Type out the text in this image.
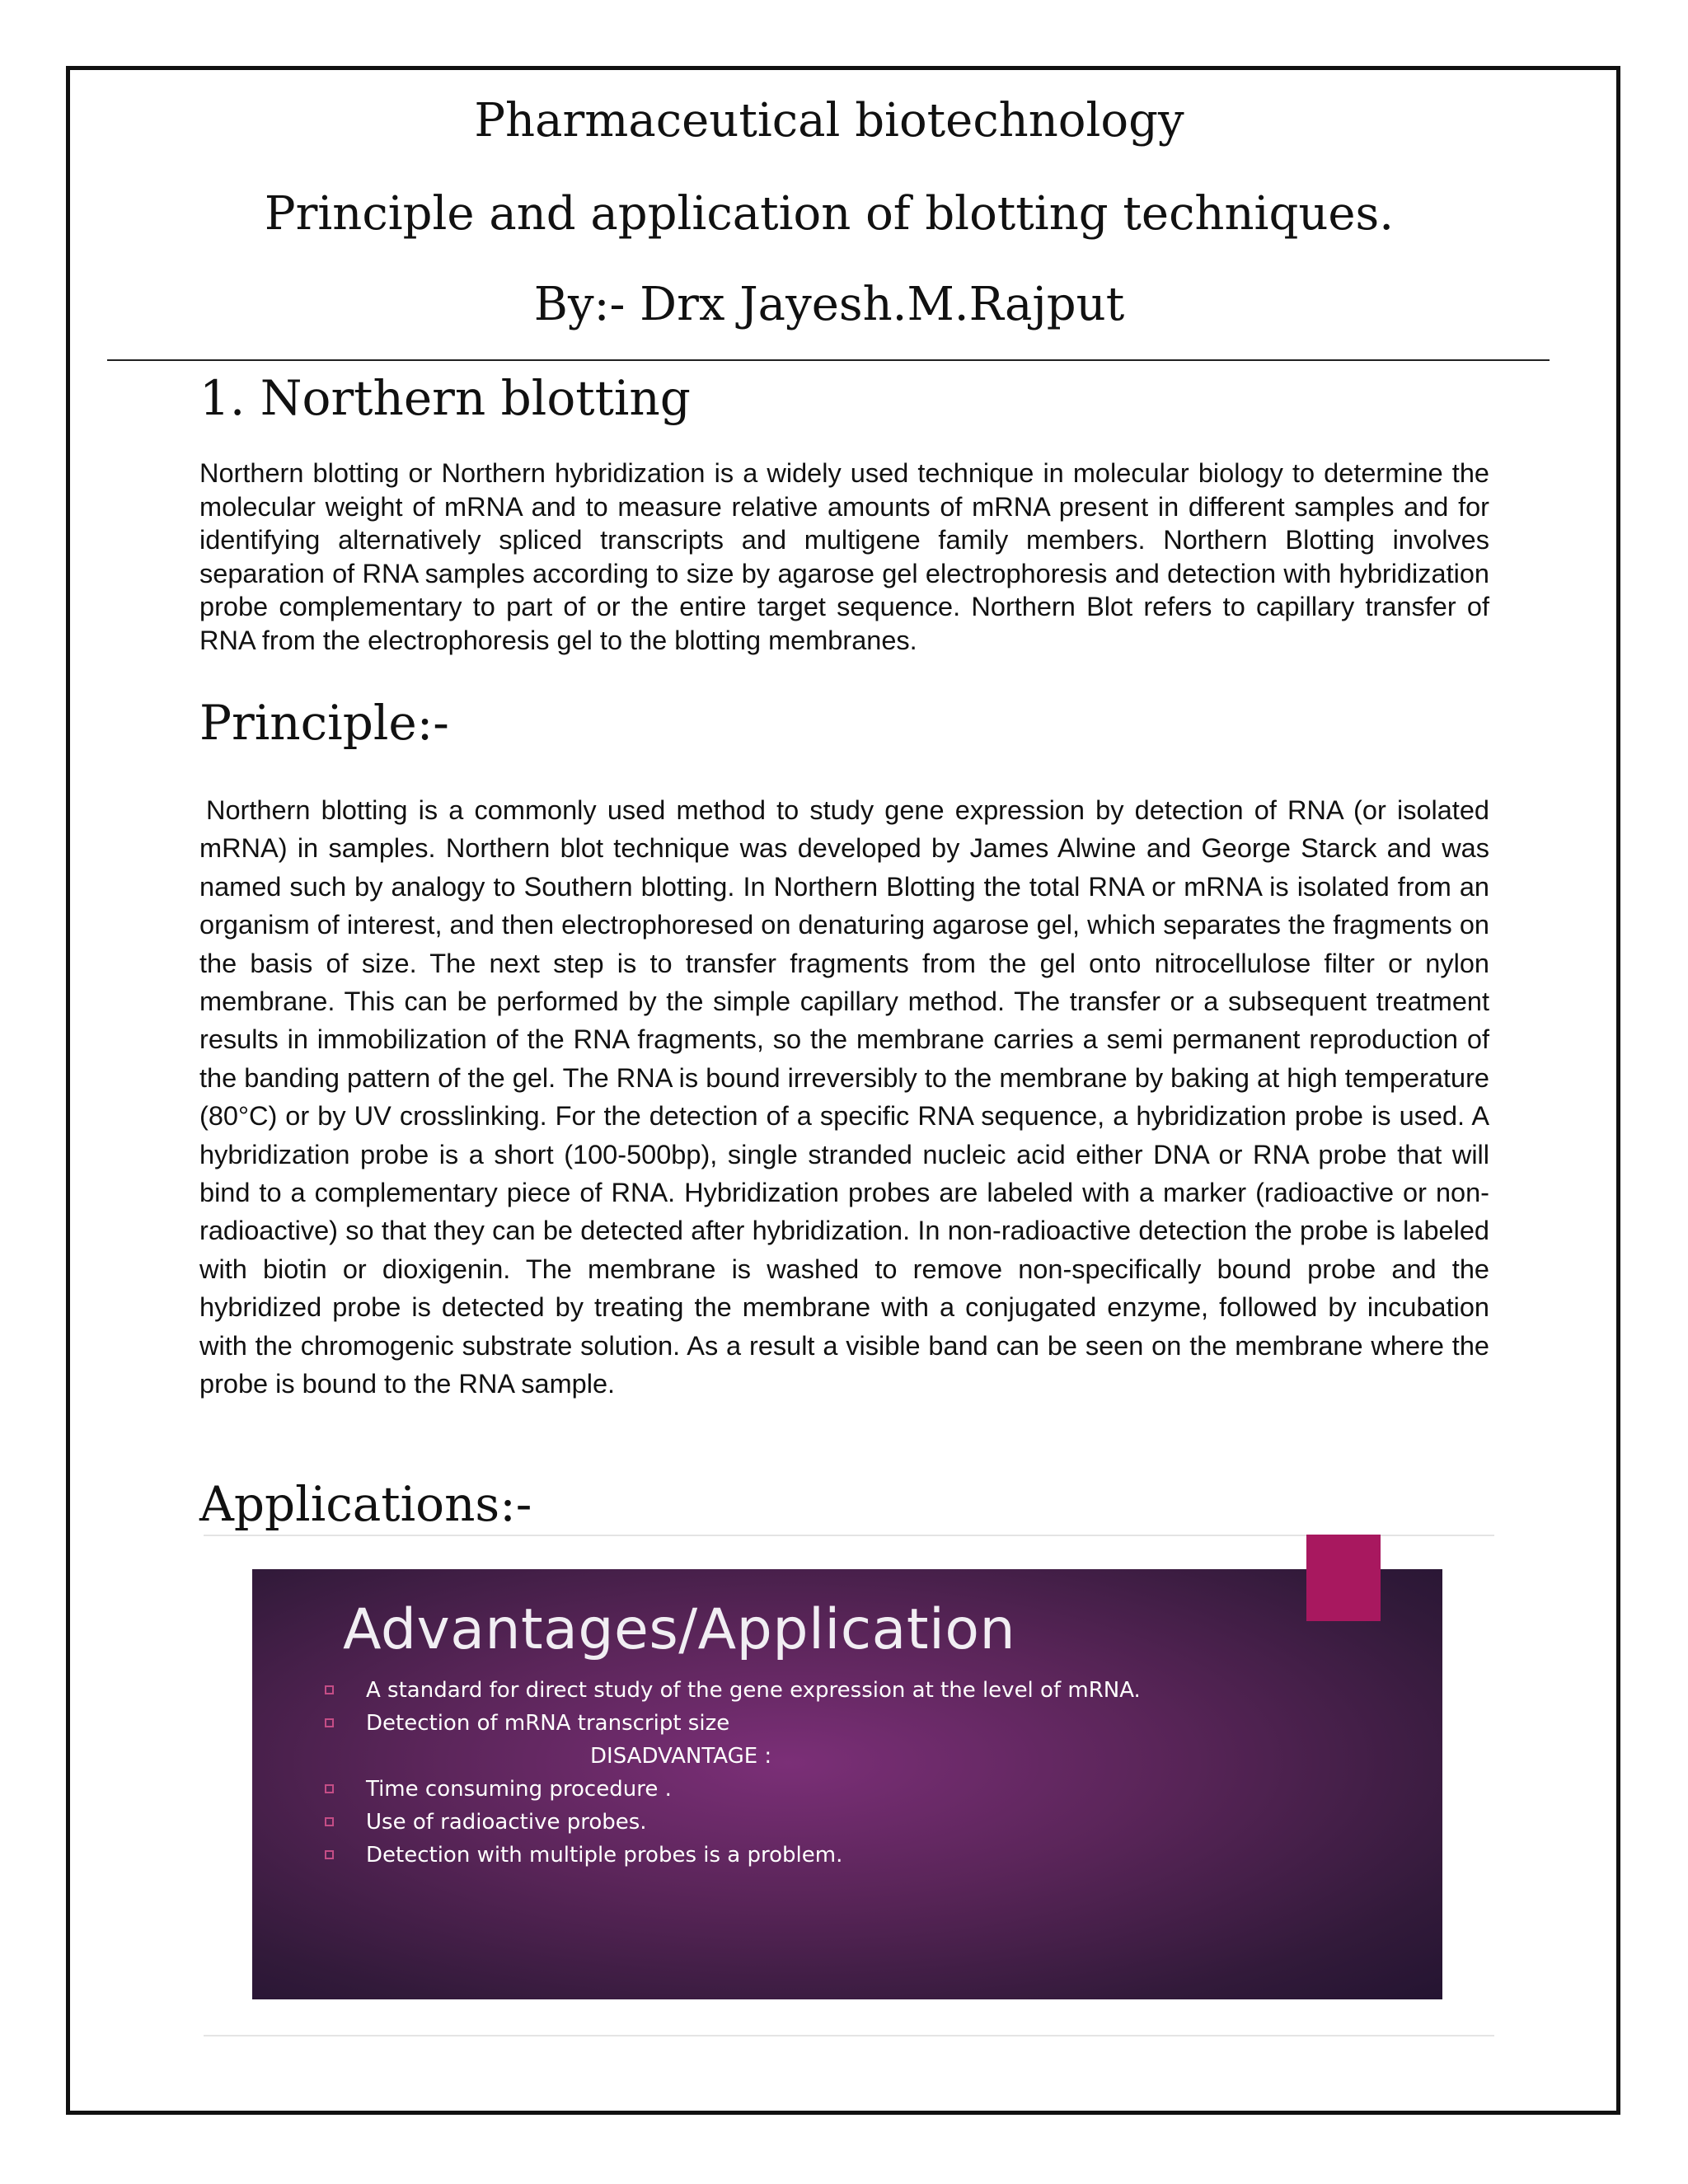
Pharmaceutical biotechnology
Principle and application of blotting techniques.
By:- Drx Jayesh.M.Rajput
1. Northern blotting

Northern blotting or Northern hybridization is a widely used technique in molecular biology to determine the molecular weight of mRNA and to measure relative amounts of mRNA present in different samples and for identifying alternatively spliced transcripts and multigene family members. Northern Blotting involves separation of RNA samples according to size by agarose gel electrophoresis and detection with hybridization probe complementary to part of or the entire target sequence. Northern Blot refers to capillary transfer of RNA from the electrophoresis gel to the blotting membranes.

Principle:-

Northern blotting is a commonly used method to study gene expression by detection of RNA (or isolated mRNA) in samples. Northern blot technique was developed by James Alwine and George Starck and was named such by analogy to Southern blotting. In Northern Blotting the total RNA or mRNA is isolated from an organism of interest, and then electrophoresed on denaturing agarose gel, which separates the fragments on the basis of size. The next step is to transfer fragments from the gel onto nitrocellulose filter or nylon membrane. This can be performed by the simple capillary method. The transfer or a subsequent treatment results in immobilization of the RNA fragments, so the membrane carries a semi permanent reproduction of the banding pattern of the gel. The RNA is bound irreversibly to the membrane by baking at high temperature (80°C) or by UV crosslinking. For the detection of a specific RNA sequence, a hybridization probe is used. A hybridization probe is a short (100-500bp), single stranded nucleic acid either DNA or RNA probe that will bind to a complementary piece of RNA. Hybridization probes are labeled with a marker (radioactive or non-radioactive) so that they can be detected after hybridization. In non-radioactive detection the probe is labeled with biotin or dioxigenin. The membrane is washed to remove non-specifically bound probe and the hybridized probe is detected by treating the membrane with a conjugated enzyme, followed by incubation with the chromogenic substrate solution. As a result a visible band can be seen on the membrane where the probe is bound to the RNA sample.

Applications:-
Advantages/Application
A standard for direct study of the gene expression at the level of mRNA.
Detection of mRNA transcript size
DISADVANTAGE :
Time consuming procedure .
Use of radioactive probes.
Detection with multiple probes is a problem.
